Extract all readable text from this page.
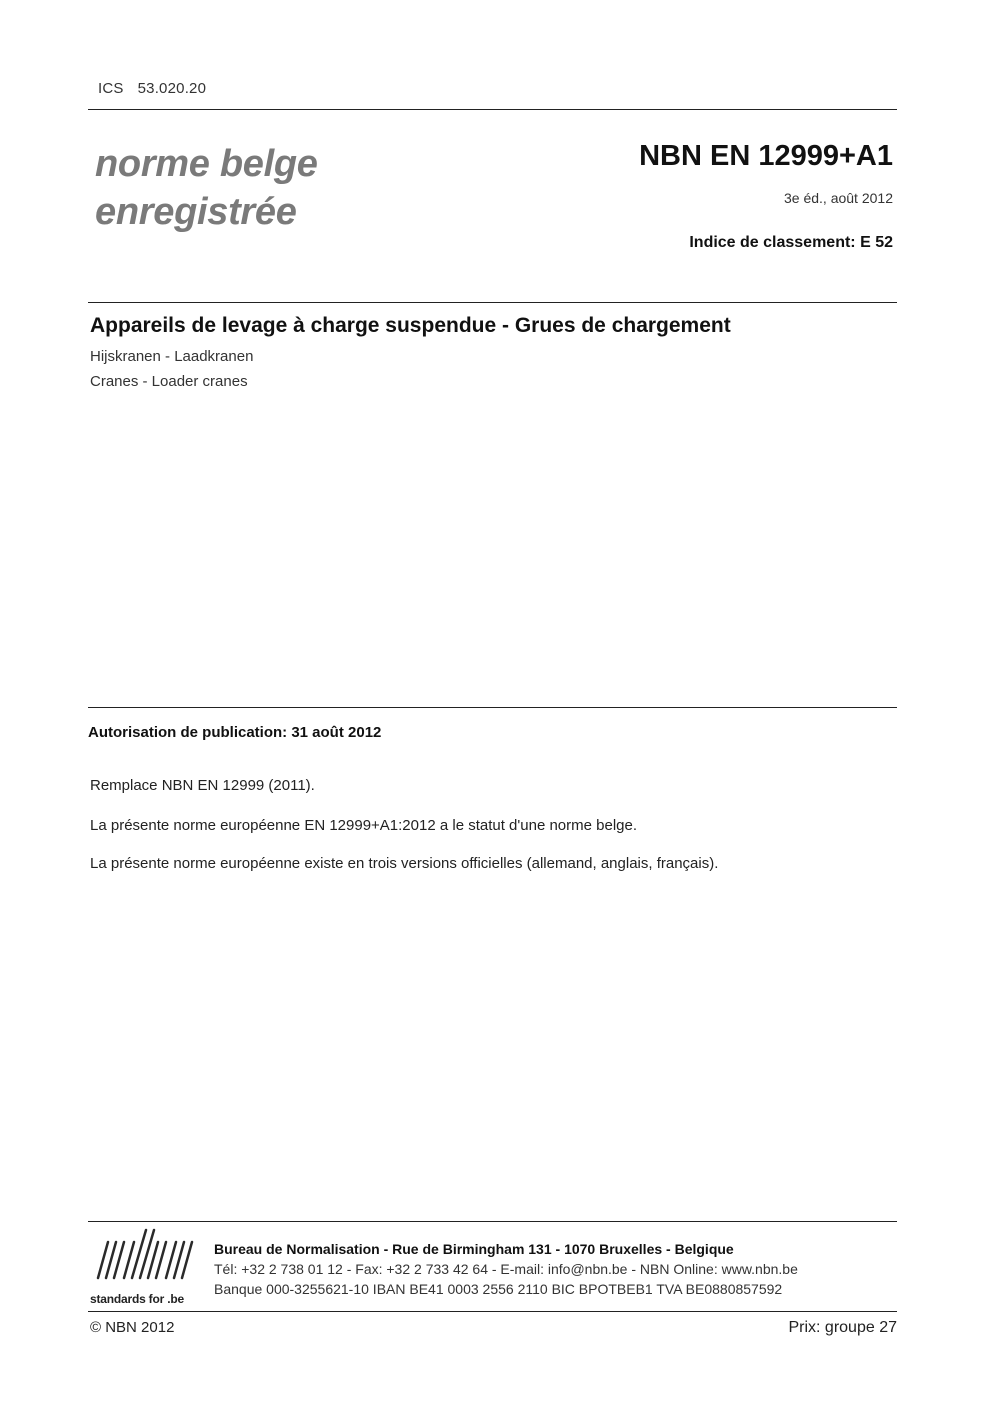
ICS 53.020.20
norme belge
enregistrée
NBN EN 12999+A1
3e éd., août 2012
Indice de classement: E 52
Appareils de levage à charge suspendue - Grues de chargement
Hijskranen - Laadkranen
Cranes - Loader cranes
Autorisation de publication: 31 août 2012
Remplace NBN EN 12999 (2011).
La présente norme européenne EN 12999+A1:2012 a le statut d'une norme belge.
La présente norme européenne existe en trois versions officielles (allemand, anglais, français).
standards for .be
Bureau de Normalisation - Rue de Birmingham 131 - 1070 Bruxelles - Belgique
Tél: +32 2 738 01 12 - Fax: +32 2 733 42 64 - E-mail: info@nbn.be - NBN Online: www.nbn.be
Banque 000-3255621-10 IBAN BE41 0003 2556 2110 BIC BPOTBEB1 TVA BE0880857592
© NBN 2012	Prix: groupe 27
